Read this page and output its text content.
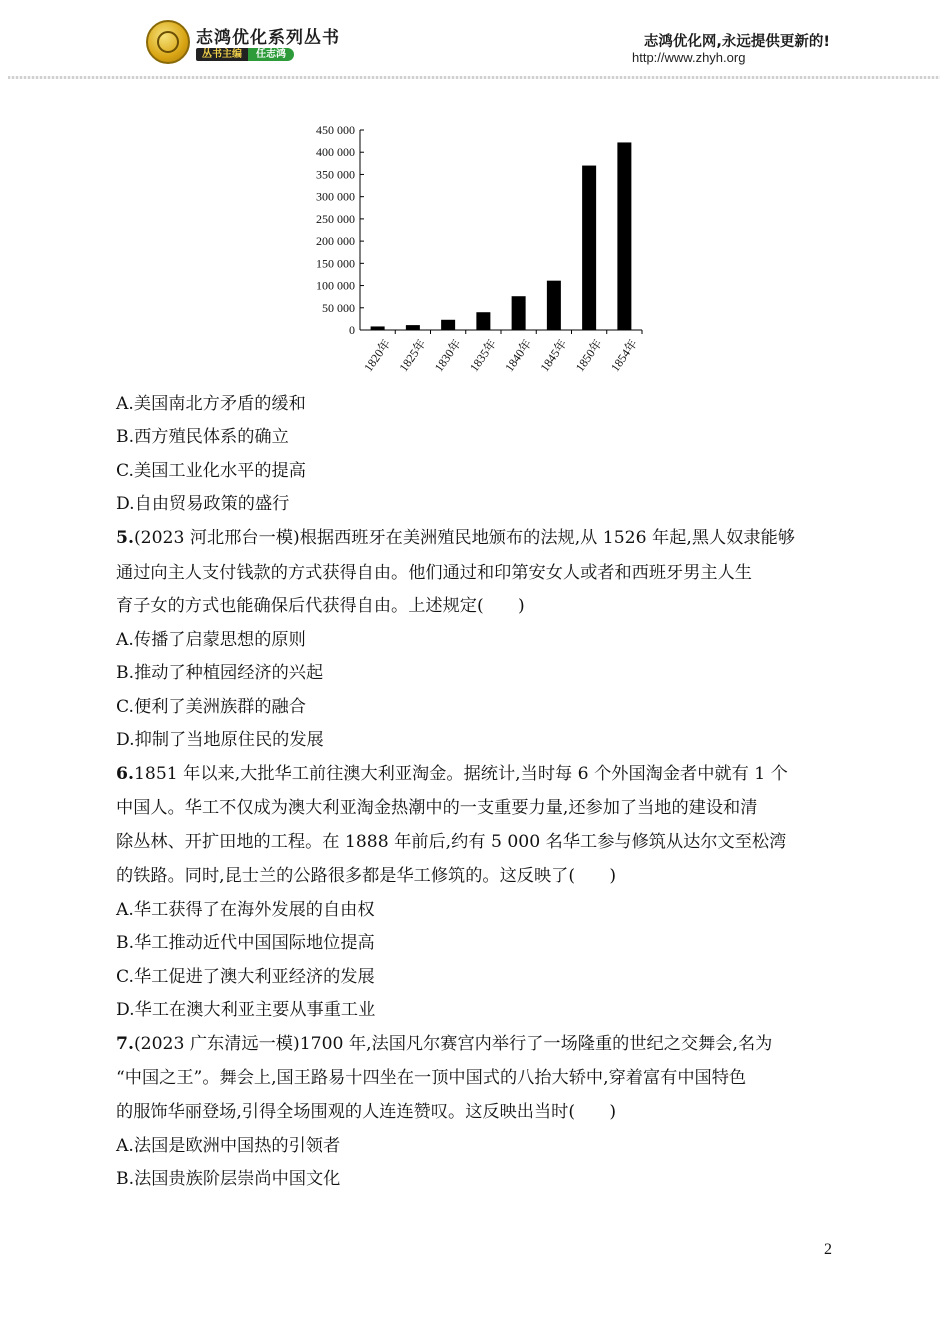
志鸿优化系列丛书
丛书主编	任志鸿
志鸿优化网,永远提供更新的!
http://www.zhyh.org
0
50 000
100 000
150 000
200 000
250 000
300 000
350 000
400 000
450 000
1820年 1825年 1830年 1835年 1840年 1845年 1850年 1854年
A.美国南北方矛盾的缓和
B.西方殖民体系的确立
C.美国工业化水平的提高
D.自由贸易政策的盛行
5.(2023 河北邢台一模)根据西班牙在美洲殖民地颁布的法规,从 1526 年起,黑人奴隶能够
通过向主人支付钱款的方式获得自由。他们通过和印第安女人或者和西班牙男主人生
育子女的方式也能确保后代获得自由。上述规定(　　)
A.传播了启蒙思想的原则
B.推动了种植园经济的兴起
C.便利了美洲族群的融合
D.抑制了当地原住民的发展
6.1851 年以来,大批华工前往澳大利亚淘金。据统计,当时每 6 个外国淘金者中就有 1 个
中国人。华工不仅成为澳大利亚淘金热潮中的一支重要力量,还参加了当地的建设和清
除丛林、开扩田地的工程。在 1888 年前后,约有 5 000 名华工参与修筑从达尔文至松湾
的铁路。同时,昆士兰的公路很多都是华工修筑的。这反映了(　　)
A.华工获得了在海外发展的自由权
B.华工推动近代中国国际地位提高
C.华工促进了澳大利亚经济的发展
D.华工在澳大利亚主要从事重工业
7.(2023 广东清远一模)1700 年,法国凡尔赛宫内举行了一场隆重的世纪之交舞会,名为
“中国之王”。舞会上,国王路易十四坐在一顶中国式的八抬大轿中,穿着富有中国特色
的服饰华丽登场,引得全场围观的人连连赞叹。这反映出当时(　　)
A.法国是欧洲中国热的引领者
B.法国贵族阶层崇尚中国文化
2
